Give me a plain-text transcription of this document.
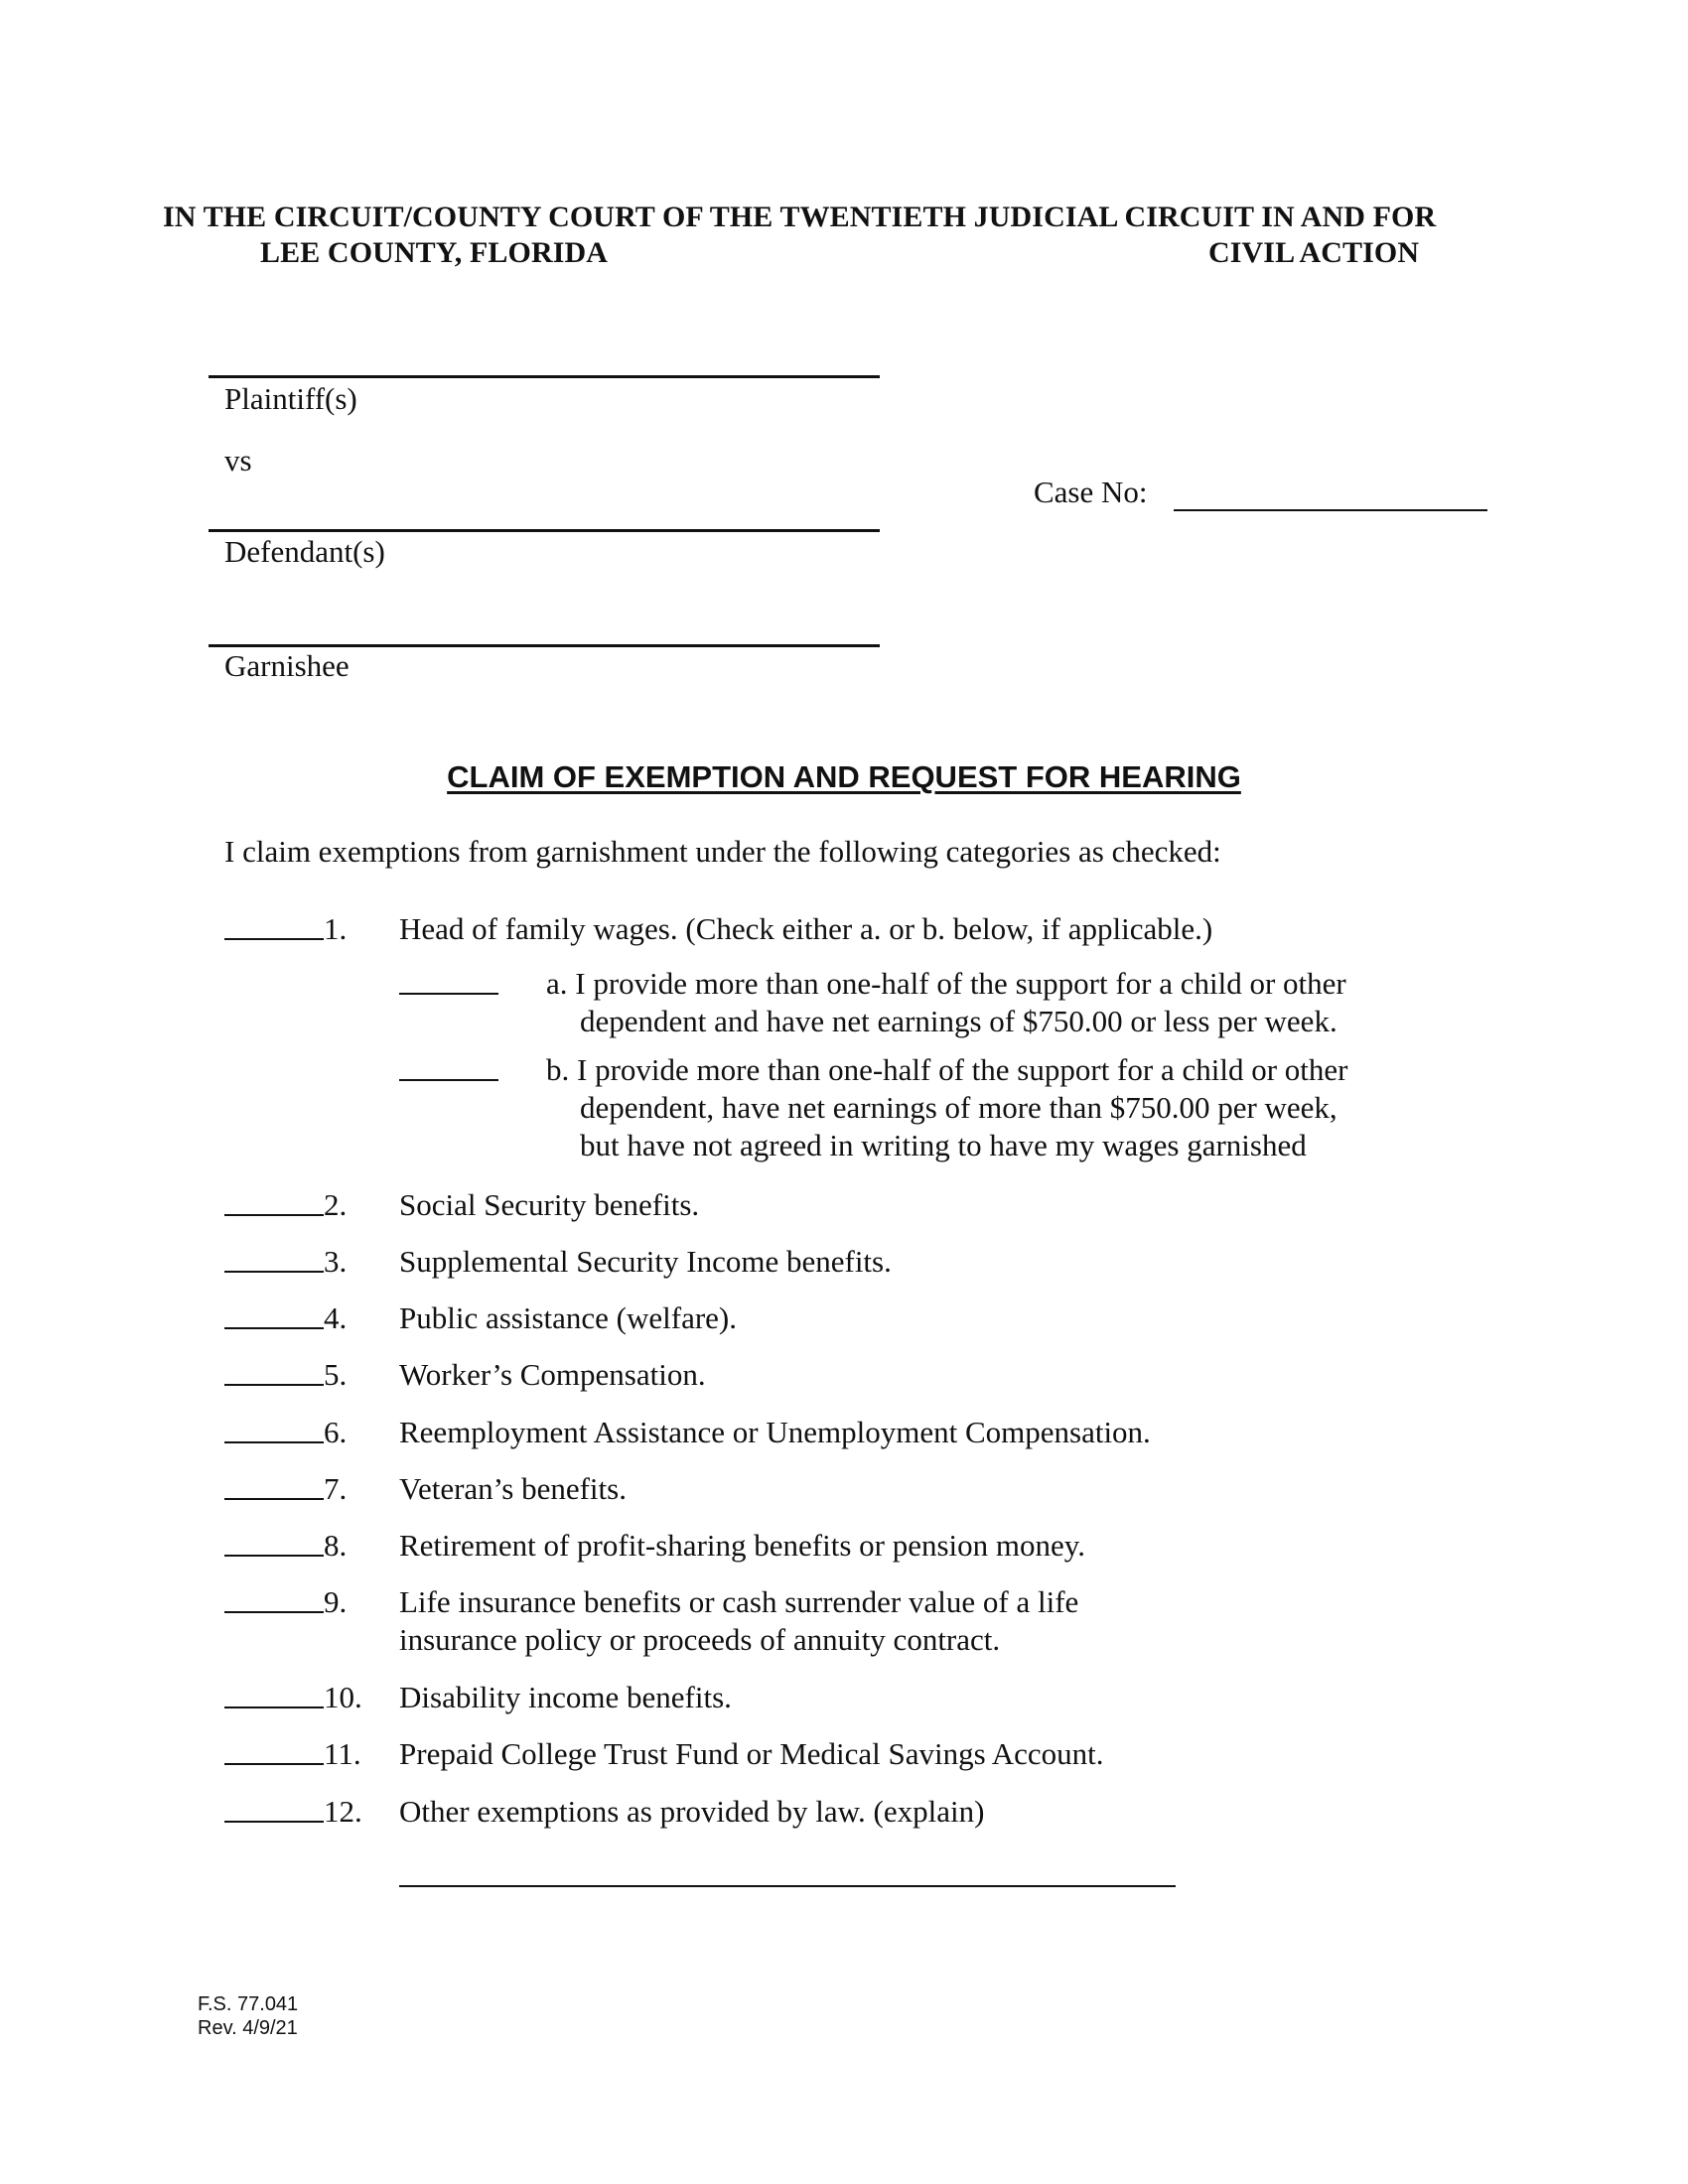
IN THE CIRCUIT/COUNTY COURT OF THE TWENTIETH JUDICIAL CIRCUIT IN AND FOR
LEE COUNTY, FLORIDA	CIVIL ACTION
Plaintiff(s)
vs
Defendant(s)
Garnishee
Case No:
CLAIM OF EXEMPTION AND REQUEST FOR HEARING
I claim exemptions from garnishment under the following categories as checked:
1. Head of family wages. (Check either a. or b. below, if applicable.)
a. I provide more than one-half of the support for a child or other
dependent and have net earnings of $750.00 or less per week.
b. I provide more than one-half of the support for a child or other
dependent, have net earnings of more than $750.00 per week,
but have not agreed in writing to have my wages garnished
2. Social Security benefits.
3. Supplemental Security Income benefits.
4. Public assistance (welfare).
5. Worker’s Compensation.
6. Reemployment Assistance or Unemployment Compensation.
7. Veteran’s benefits.
8. Retirement of profit-sharing benefits or pension money.
9. Life insurance benefits or cash surrender value of a life
insurance policy or proceeds of annuity contract.
10. Disability income benefits.
11. Prepaid College Trust Fund or Medical Savings Account.
12. Other exemptions as provided by law. (explain)
F.S. 77.041
Rev. 4/9/21
